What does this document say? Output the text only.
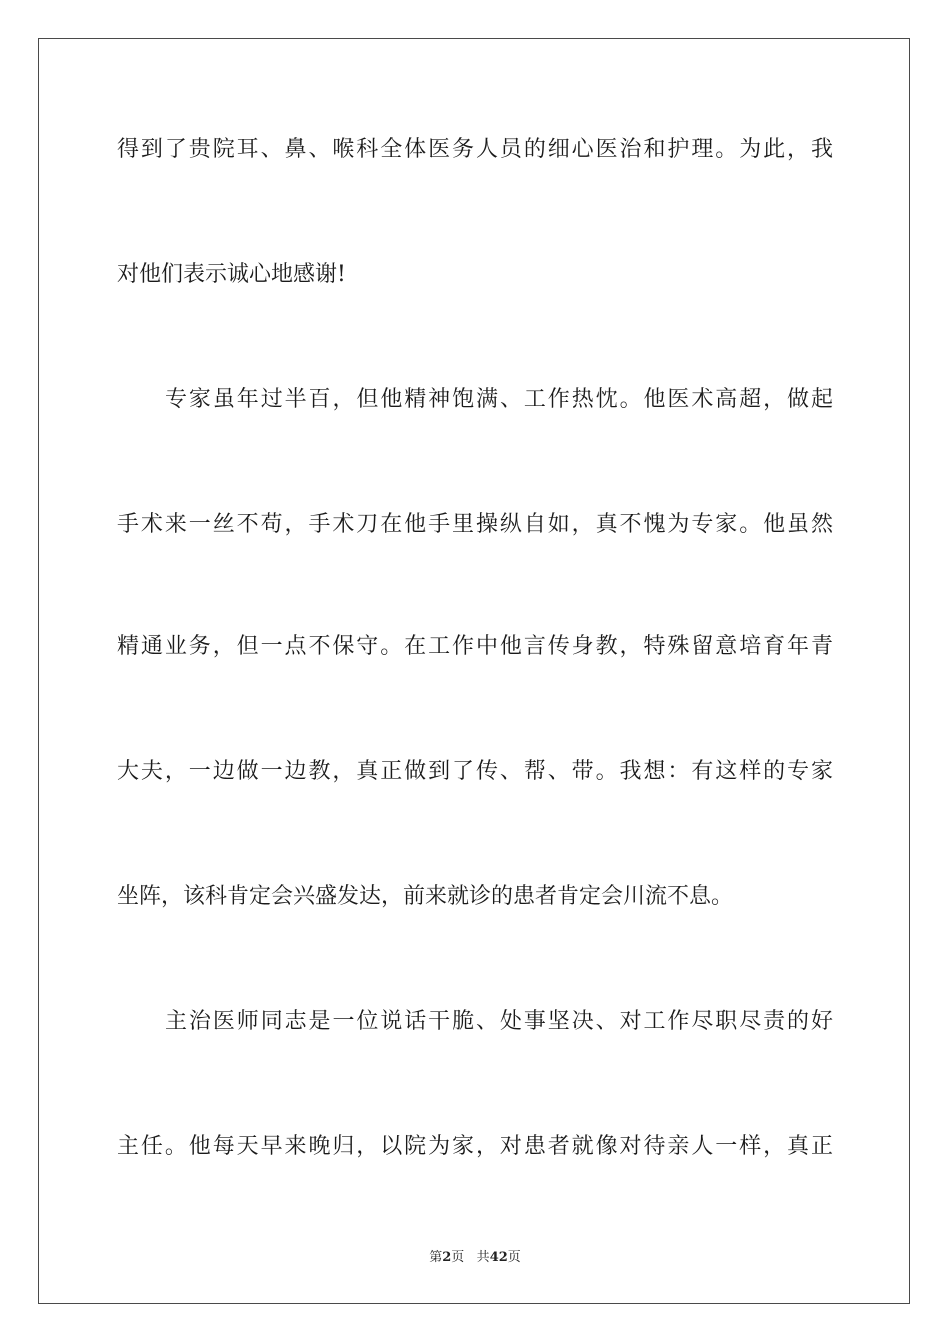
得到了贵院耳、鼻、喉科全体医务人员的细心医治和护理。为此，我
对他们表示诚心地感谢!
专家虽年过半百，但他精神饱满、工作热忱。他医术高超，做起
手术来一丝不苟，手术刀在他手里操纵自如，真不愧为专家。他虽然
精通业务，但一点不保守。在工作中他言传身教，特殊留意培育年青
大夫，一边做一边教，真正做到了传、帮、带。我想：有这样的专家
坐阵，该科肯定会兴盛发达，前来就诊的患者肯定会川流不息。
主治医师同志是一位说话干脆、处事坚决、对工作尽职尽责的好
主任。他每天早来晚归，以院为家，对患者就像对待亲人一样，真正
第2页 共42页
